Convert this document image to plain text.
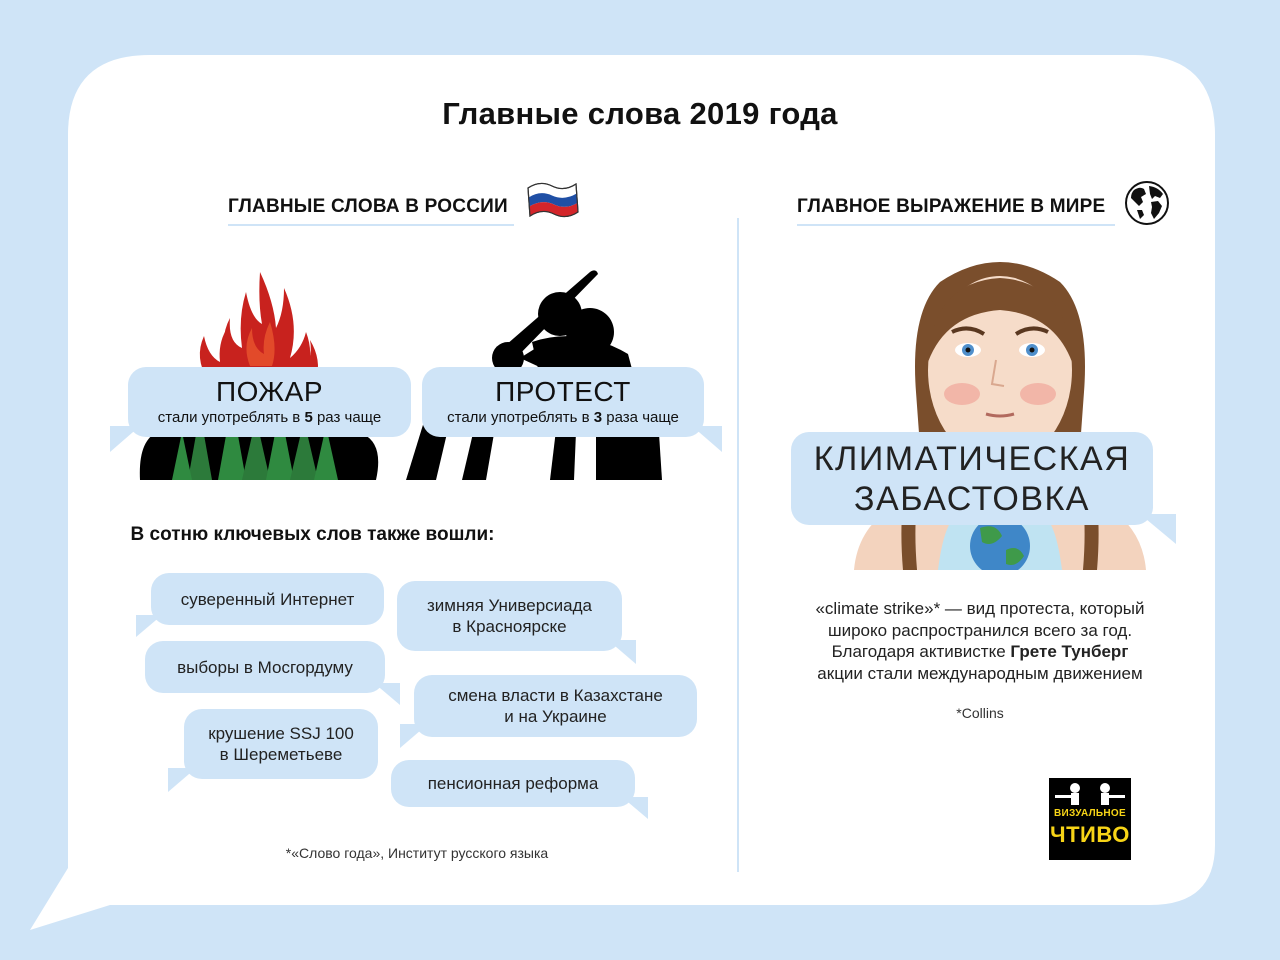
Главные слова 2019 года
ГЛАВНЫЕ СЛОВА В РОССИИ	ГЛАВНОЕ ВЫРАЖЕНИЕ В МИРЕ
ПОЖАР
стали употреблять в 5 раз чаще
ПРОТЕСТ
стали употреблять в 3 раза чаще
В сотню ключевых слов также вошли:
суверенный Интернет
выборы в Мосгордуму
крушение SSJ 100
в Шереметьеве
зимняя Универсиада
в Красноярске
смена власти в Казахстане
и на Украине
пенсионная реформа
*«Слово года», Институт русского языка
КЛИМАТИЧЕСКАЯ
ЗАБАСТОВКА
«climate strike»* — вид протеста, который
широко распространился всего за год.
Благодаря активистке Грете Тунберг
акции стали международным движением
*Collins
ВИЗУАЛЬНОЕ
ЧТИВО
